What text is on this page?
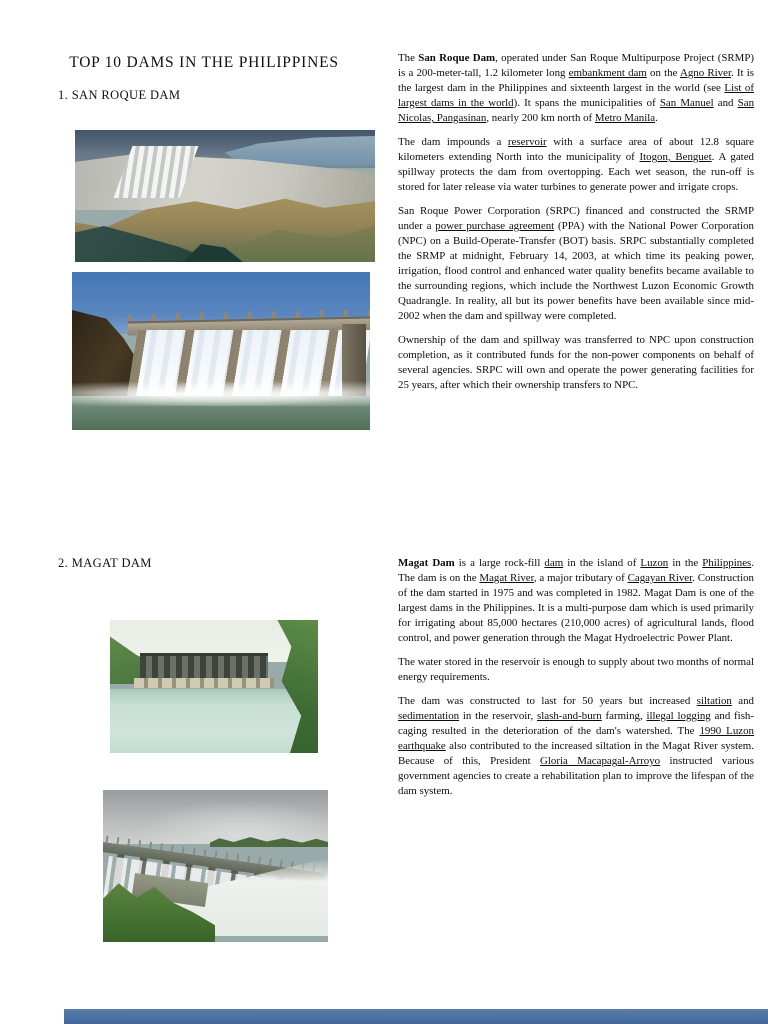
TOP 10 DAMS IN THE PHILIPPINES
1. SAN ROQUE DAM

The San Roque Dam, operated under San Roque Multipurpose Project (SRMP) is a 200-meter-tall, 1.2 kilometer long embankment dam on the Agno River. It is the largest dam in the Philippines and sixteenth largest in the world (see List of largest dams in the world). It spans the municipalities of San Manuel and San Nicolas, Pangasinan, nearly 200 km north of Metro Manila.

The dam impounds a reservoir with a surface area of about 12.8 square kilometers extending North into the municipality of Itogon, Benguet. A gated spillway protects the dam from overtopping. Each wet season, the run-off is stored for later release via water turbines to generate power and irrigate crops.

San Roque Power Corporation (SRPC) financed and constructed the SRMP under a power purchase agreement (PPA) with the National Power Corporation (NPC) on a Build-Operate-Transfer (BOT) basis. SRPC substantially completed the SRMP at midnight, February 14, 2003, at which time its peaking power, irrigation, flood control and enhanced water quality benefits became available to the surrounding regions, which include the Northwest Luzon Economic Growth Quadrangle. In reality, all but its power benefits have been available since mid-2002 when the dam and spillway were completed.

Ownership of the dam and spillway was transferred to NPC upon construction completion, as it contributed funds for the non-power components on behalf of several agencies. SRPC will own and operate the power generating facilities for 25 years, after which their ownership transfers to NPC.

2. MAGAT DAM	Magat Dam is a large rock-fill dam in the island of Luzon in the Philippines. The dam is on the Magat River, a major tributary of Cagayan River. Construction of the dam started in 1975 and was completed in 1982. Magat Dam is one of the largest dams in the Philippines. It is a multi-purpose dam which is used primarily for irrigating about 85,000 hectares (210,000 acres) of agricultural lands, flood control, and power generation through the Magat Hydroelectric Power Plant.

The water stored in the reservoir is enough to supply about two months of normal energy requirements.

The dam was constructed to last for 50 years but increased siltation and sedimentation in the reservoir, slash-and-burn farming, illegal logging and fish-caging resulted in the deterioration of the dam's watershed. The 1990 Luzon earthquake also contributed to the increased siltation in the Magat River system. Because of this, President Gloria Macapagal-Arroyo instructed various government agencies to create a rehabilitation plan to improve the lifespan of the dam system.
